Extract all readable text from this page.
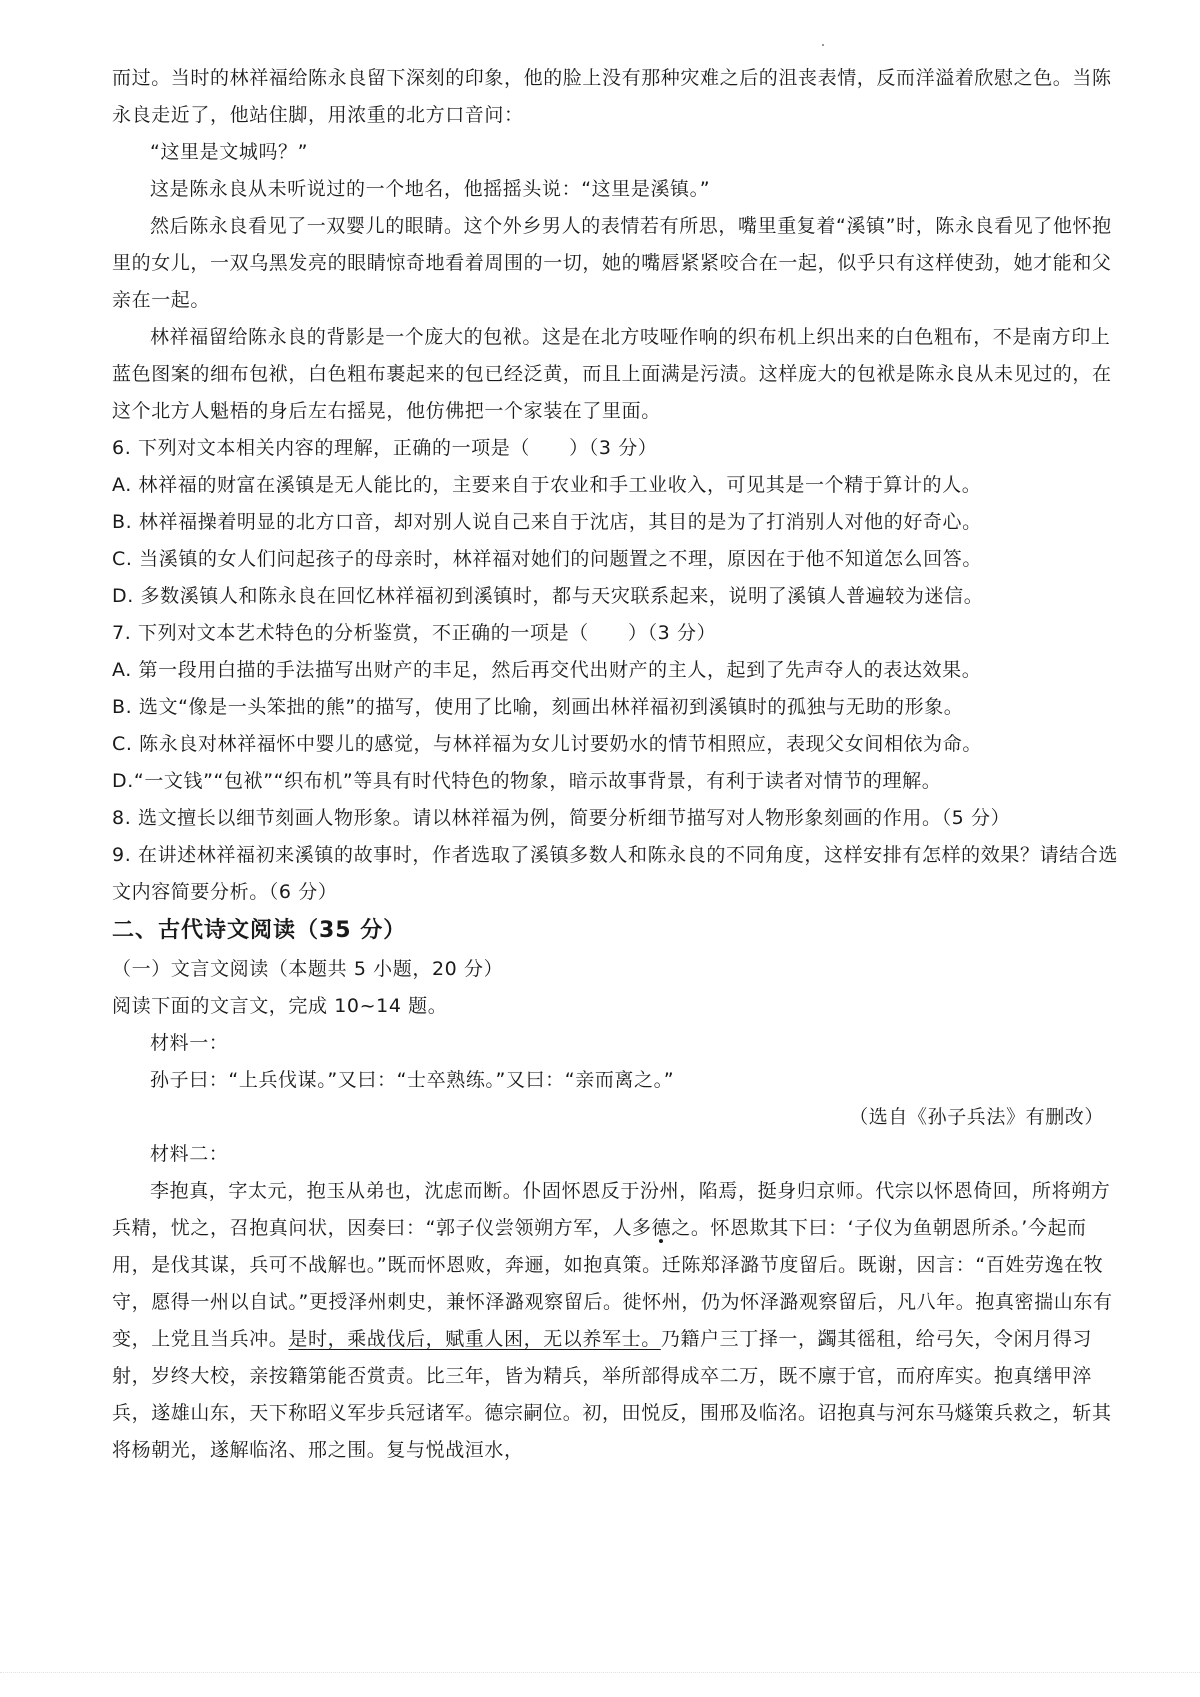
而过。当时的林祥福给陈永良留下深刻的印象，他的脸上没有那种灾难之后的沮丧表情，反而洋溢着欣慰之色。当陈永良走近了，他站住脚，用浓重的北方口音问：

“这里是文城吗？”

这是陈永良从未听说过的一个地名，他摇摇头说：“这里是溪镇。”

然后陈永良看见了一双婴儿的眼睛。这个外乡男人的表情若有所思，嘴里重复着“溪镇”时，陈永良看见了他怀抱里的女儿，一双乌黑发亮的眼睛惊奇地看着周围的一切，她的嘴唇紧紧咬合在一起，似乎只有这样使劲，她才能和父亲在一起。

林祥福留给陈永良的背影是一个庞大的包袱。这是在北方吱哑作响的织布机上织出来的白色粗布，不是南方印上蓝色图案的细布包袱，白色粗布裹起来的包已经泛黄，而且上面满是污渍。这样庞大的包袱是陈永良从未见过的，在这个北方人魁梧的身后左右摇晃，他仿佛把一个家装在了里面。

6. 下列对文本相关内容的理解，正确的一项是（　　）（3 分）

A. 林祥福的财富在溪镇是无人能比的，主要来自于农业和手工业收入，可见其是一个精于算计的人。

B. 林祥福操着明显的北方口音，却对别人说自己来自于沈店，其目的是为了打消别人对他的好奇心。

C. 当溪镇的女人们问起孩子的母亲时，林祥福对她们的问题置之不理，原因在于他不知道怎么回答。

D. 多数溪镇人和陈永良在回忆林祥福初到溪镇时，都与天灾联系起来，说明了溪镇人普遍较为迷信。

7. 下列对文本艺术特色的分析鉴赏，不正确的一项是（　　）（3 分）

A. 第一段用白描的手法描写出财产的丰足，然后再交代出财产的主人，起到了先声夺人的表达效果。

B. 选文“像是一头笨拙的熊”的描写，使用了比喻，刻画出林祥福初到溪镇时的孤独与无助的形象。

C. 陈永良对林祥福怀中婴儿的感觉，与林祥福为女儿讨要奶水的情节相照应，表现父女间相依为命。

D.“一文钱”“包袱”“织布机”等具有时代特色的物象，暗示故事背景，有利于读者对情节的理解。

8. 选文擅长以细节刻画人物形象。请以林祥福为例，简要分析细节描写对人物形象刻画的作用。（5 分）

9. 在讲述林祥福初来溪镇的故事时，作者选取了溪镇多数人和陈永良的不同角度，这样安排有怎样的效果？请结合选文内容简要分析。（6 分）

二、古代诗文阅读（35 分）

（一）文言文阅读（本题共 5 小题，20 分）

阅读下面的文言文，完成 10~14 题。

材料一：

孙子曰：“上兵伐谋。”又曰：“士卒熟练。”又曰：“亲而离之。”

（选自《孙子兵法》有删改）

材料二：

李抱真，字太元，抱玉从弟也，沈虑而断。仆固怀恩反于汾州，陷焉，挺身归京师。代宗以怀恩倚回，所将朔方兵精，忧之，召抱真问状，因奏曰：“郭子仪尝领朔方军，人多德之。怀恩欺其下曰：‘子仪为鱼朝恩所杀。’今起而用，是伐其谋，兵可不战解也。”既而怀恩败，奔逦，如抱真策。迁陈郑泽潞节度留后。既谢，因言：“百姓劳逸在牧守，愿得一州以自试。”更授泽州刺史，兼怀泽潞观察留后。徙怀州，仍为怀泽潞观察留后，凡八年。抱真密揣山东有变，上党且当兵冲。是时，乘战伐后，赋重人困，无以养军士。乃籍户三丁择一，蠲其徭租，给弓矢，令闲月得习射，岁终大校，亲按籍第能否赏责。比三年，皆为精兵，举所部得成卒二万，既不廪于官，而府库实。抱真缮甲淬兵，遂雄山东，天下称昭义军步兵冠诸军。德宗嗣位。初，田悦反，围邢及临洺。诏抱真与河东马燧策兵救之，斩其将杨朝光，遂解临洺、邢之围。复与悦战洹水，
